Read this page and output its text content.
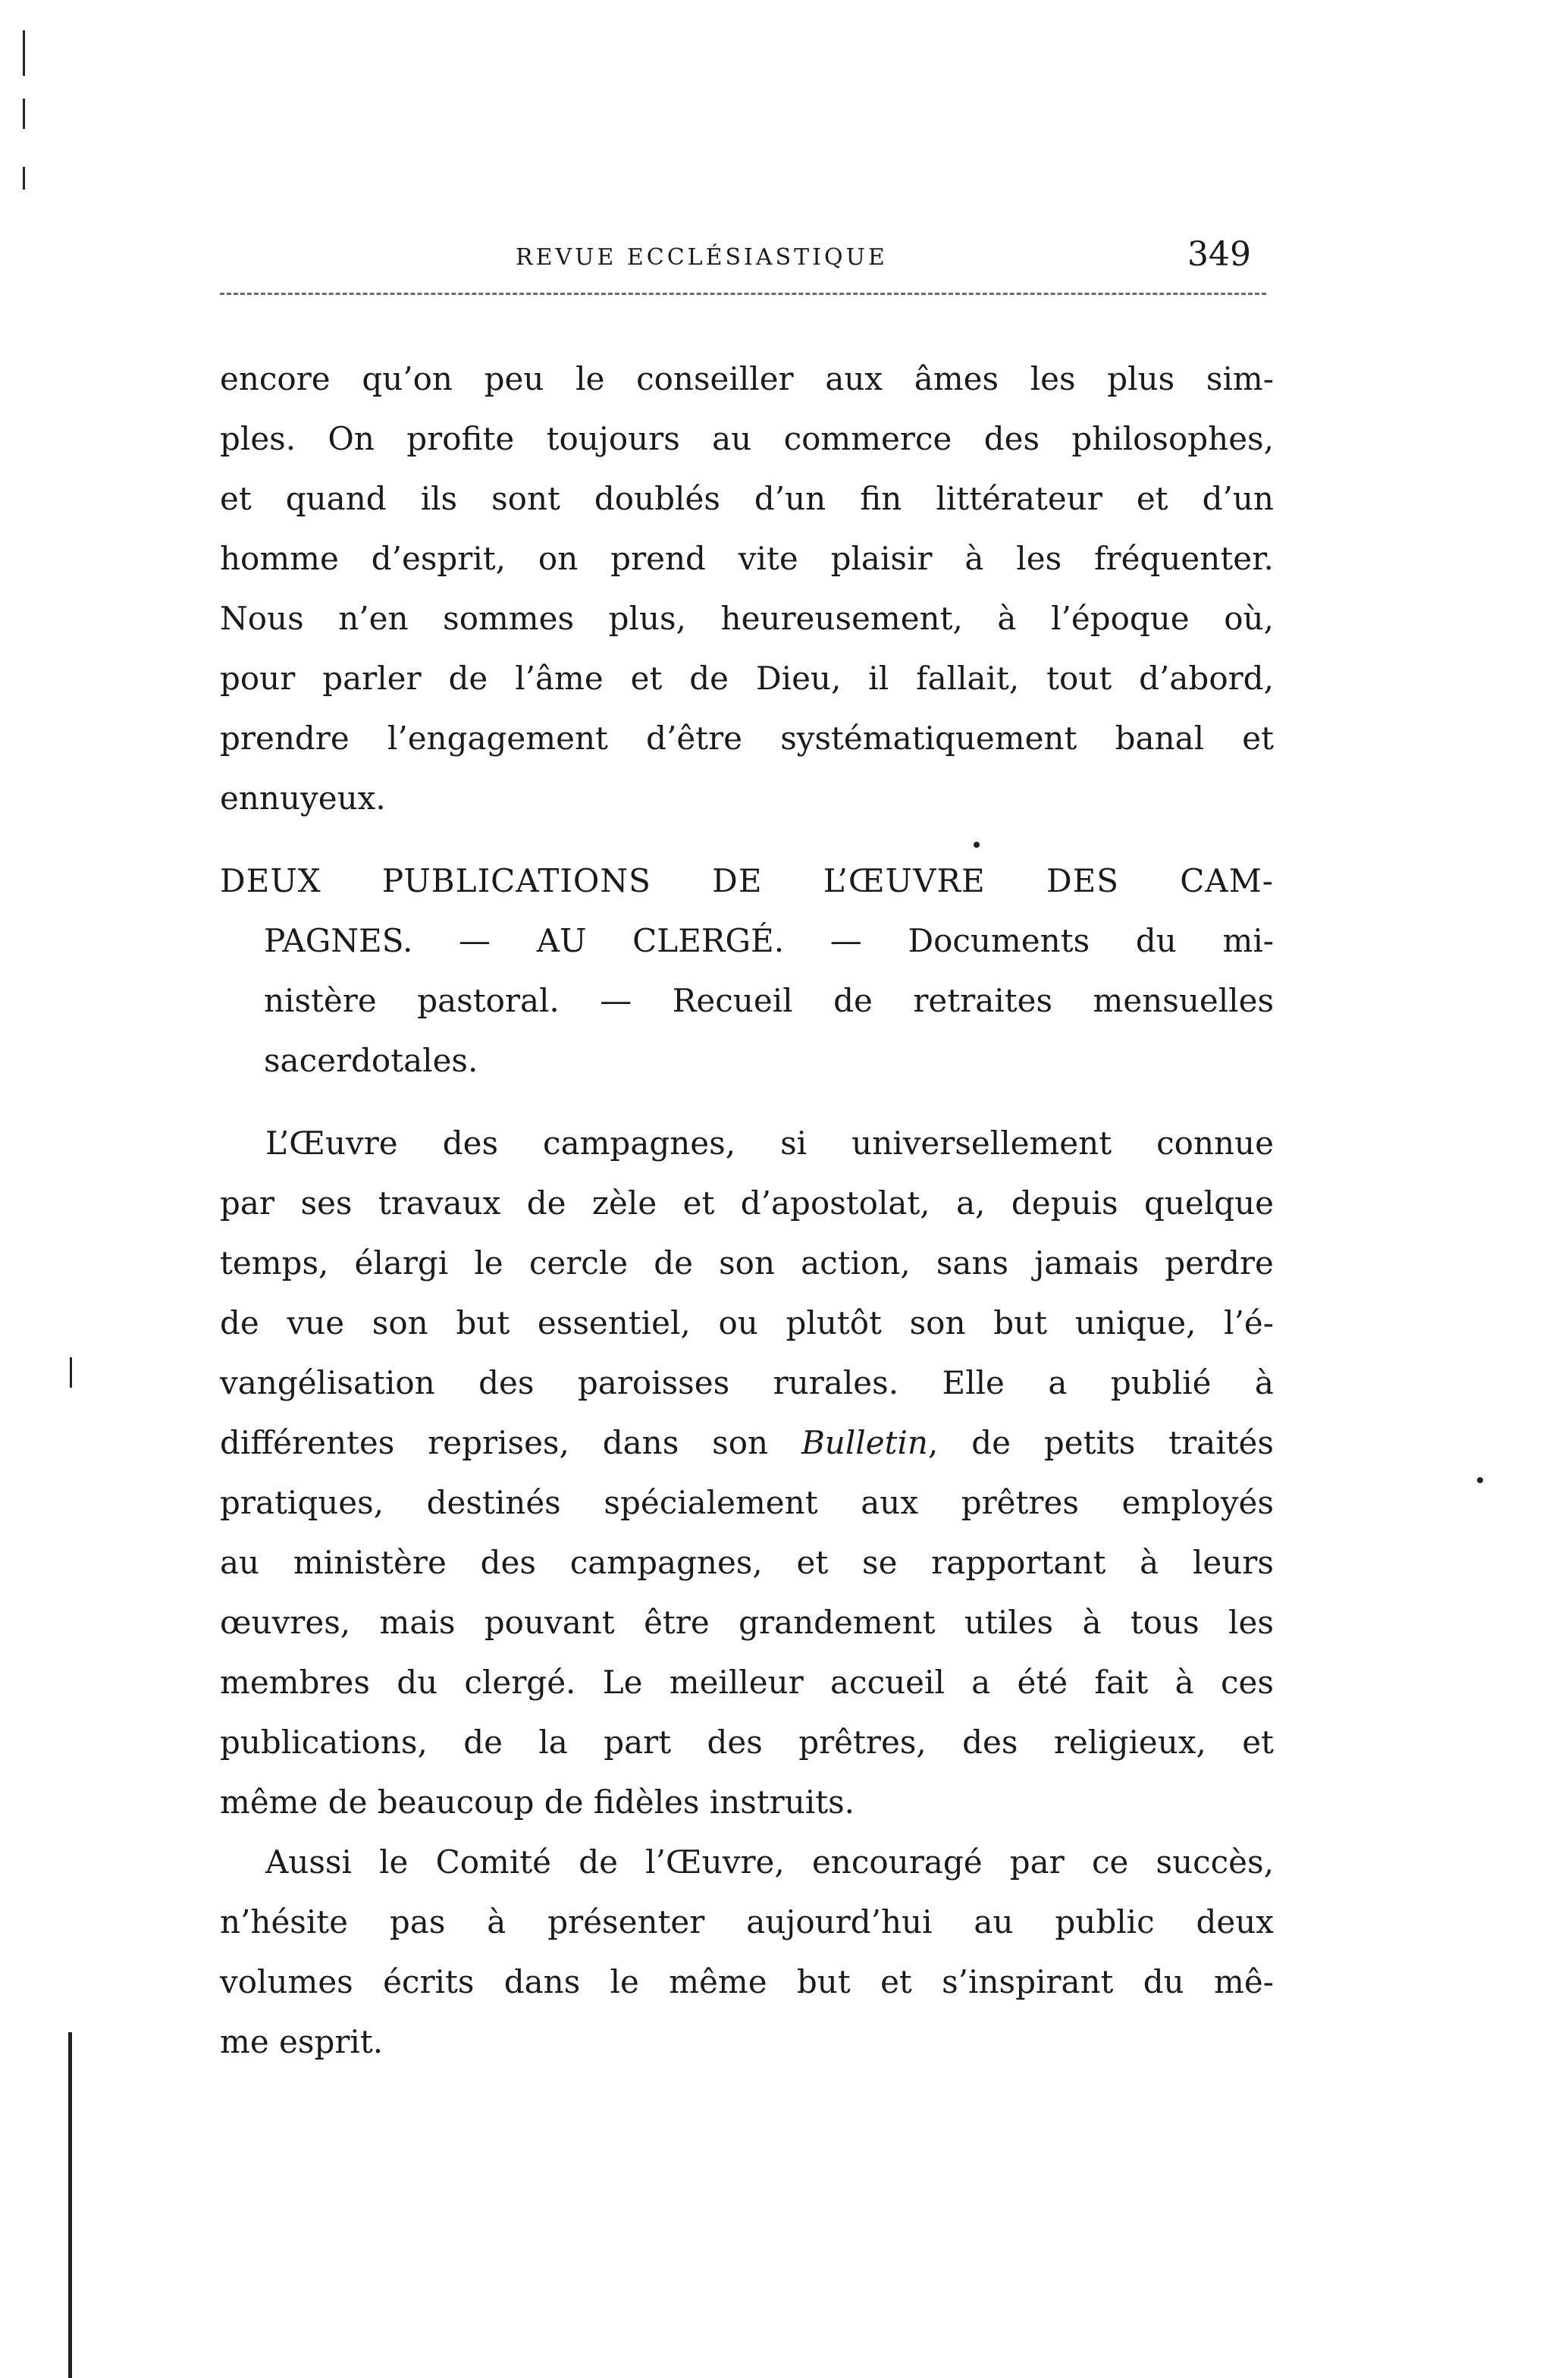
REVUE ECCLÉSIASTIQUE	349
encore qu’on peu le conseiller aux âmes les plus sim-
ples. On profite toujours au commerce des philosophes,
et quand ils sont doublés d’un fin littérateur et d’un
homme d’esprit, on prend vite plaisir à les fréquenter.
Nous n’en sommes plus, heureusement, à l’époque où,
pour parler de l’âme et de Dieu, il fallait, tout d’abord,
prendre l’engagement d’être systématiquement banal et
ennuyeux.
DEUX PUBLICATIONS DE L’ŒUVRE DES CAM-
PAGNES. — AU CLERGÉ. — Documents du mi-
nistère pastoral. — Recueil de retraites mensuelles
sacerdotales.
L’Œuvre des campagnes, si universellement connue
par ses travaux de zèle et d’apostolat, a, depuis quelque
temps, élargi le cercle de son action, sans jamais perdre
de vue son but essentiel, ou plutôt son but unique, l’é-
vangélisation des paroisses rurales. Elle a publié à
différentes reprises, dans son Bulletin, de petits traités
pratiques, destinés spécialement aux prêtres employés
au ministère des campagnes, et se rapportant à leurs
œuvres, mais pouvant être grandement utiles à tous les
membres du clergé. Le meilleur accueil a été fait à ces
publications, de la part des prêtres, des religieux, et
même de beaucoup de fidèles instruits.
Aussi le Comité de l’Œuvre, encouragé par ce succès,
n’hésite pas à présenter aujourd’hui au public deux
volumes écrits dans le même but et s’inspirant du mê-
me esprit.
